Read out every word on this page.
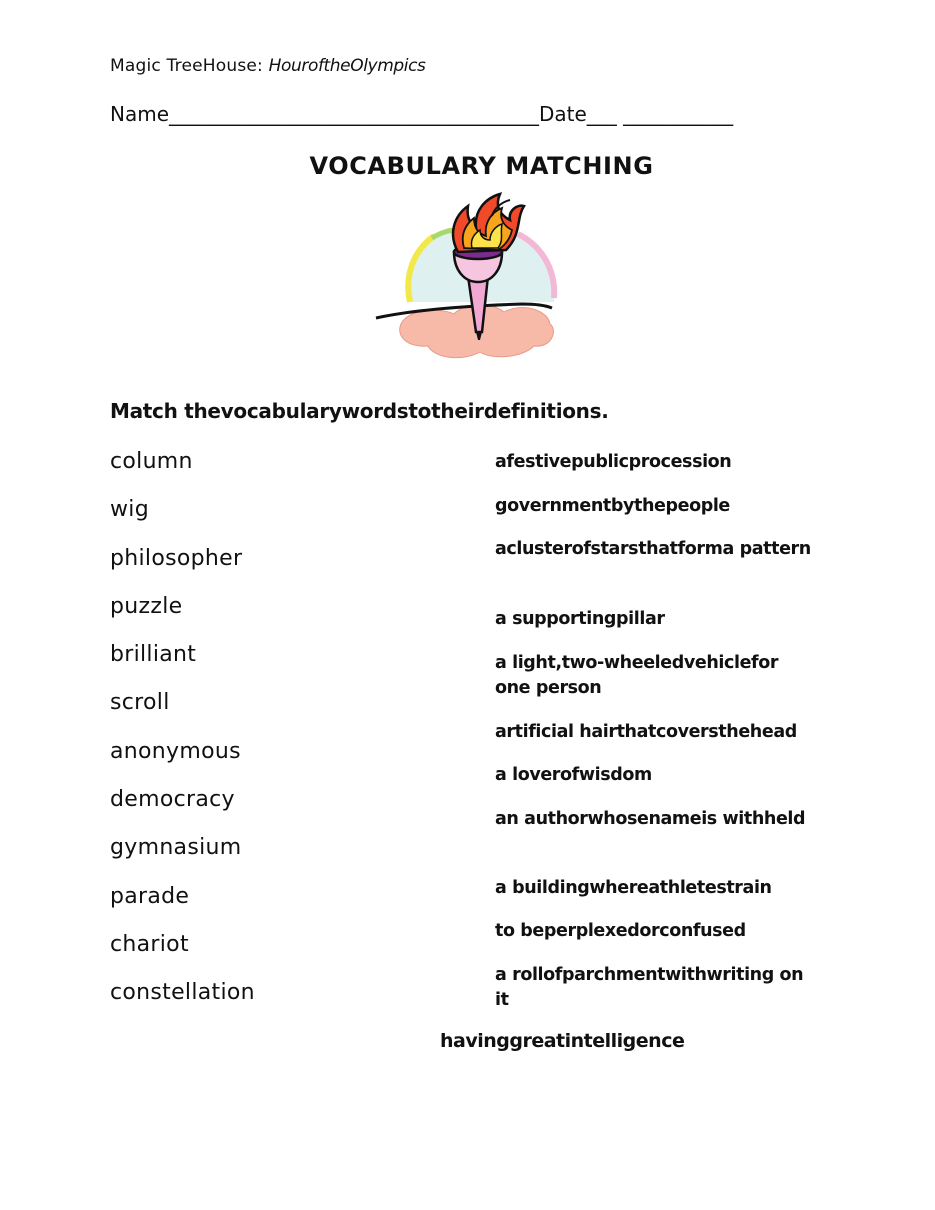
Magic TreeHouse: HouroftheOlympics
Name_____________________________________Date___ ___________
VOCABULARY MATCHING
Match thevocabularywordstotheirdefinitions.
column
wig
philosopher
puzzle
brilliant
scroll
anonymous
democracy
gymnasium
parade
chariot
constellation
afestivepublicprocession
governmentbythepeople
aclusterofstarsthatforma pattern
a supportingpillar
a light,two-wheeledvehiclefor one person
artificial hairthatcoversthehead
a loverofwisdom
an authorwhosenameis withheld
a buildingwhereathletestrain
to beperplexedorconfused
a rollofparchmentwithwriting on it
havinggreatintelligence
